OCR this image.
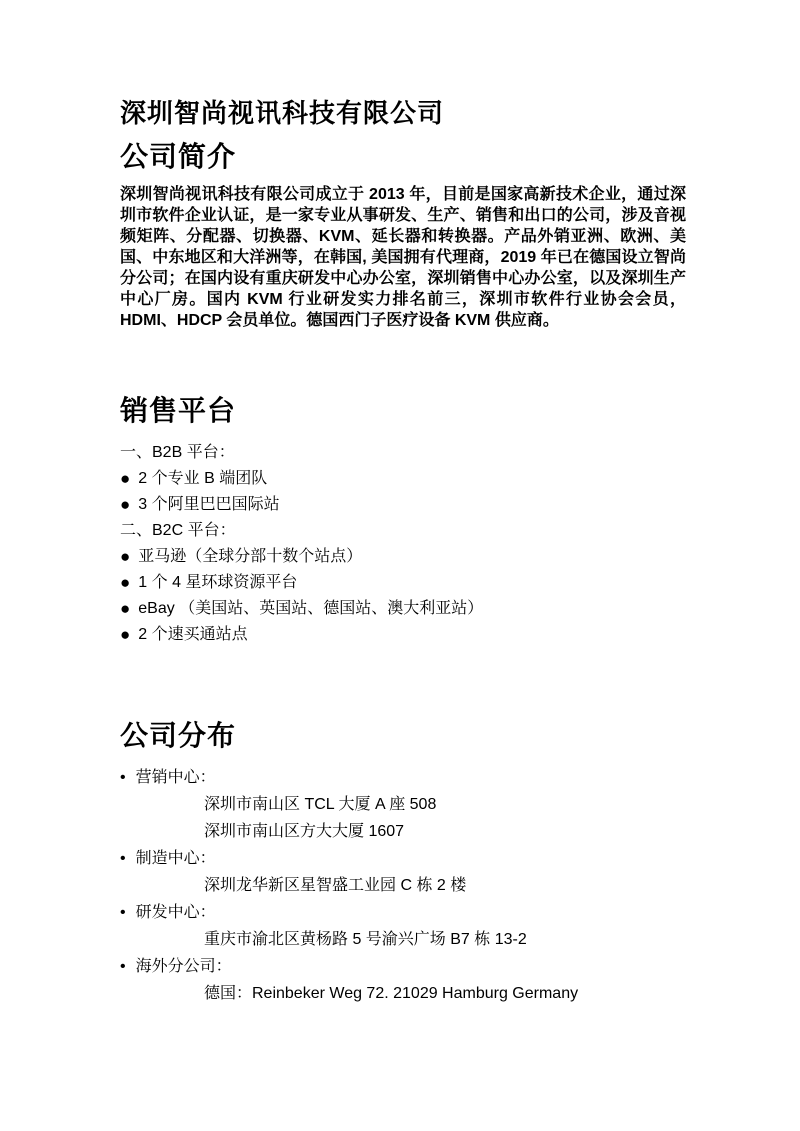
深圳智尚视讯科技有限公司
公司简介

深圳智尚视讯科技有限公司成立于 2013 年，目前是国家高新技术企业，通过深圳市软件企业认证，是一家专业从事研发、生产、销售和出口的公司，涉及音视频矩阵、分配器、切换器、KVM、延长器和转换器。产品外销亚洲、欧洲、美国、中东地区和大洋洲等，在韩国, 美国拥有代理商，2019 年已在德国设立智尚分公司；在国内设有重庆研发中心办公室，深圳销售中心办公室，以及深圳生产中心厂房。国内 KVM 行业研发实力排名前三，深圳市软件行业协会会员，HDMI、HDCP 会员单位。德国西门子医疗设备 KVM 供应商。

销售平台
一、B2B 平台：
● 2 个专业 B 端团队
● 3 个阿里巴巴国际站
二、B2C 平台：
● 亚马逊（全球分部十数个站点）
● 1 个 4 星环球资源平台
● eBay （美国站、英国站、德国站、澳大利亚站）
● 2 个速买通站点
公司分布
• 营销中心：
深圳市南山区 TCL 大厦 A 座 508
深圳市南山区方大大厦 1607
• 制造中心：
深圳龙华新区星智盛工业园 C 栋 2 楼
• 研发中心：
重庆市渝北区黄杨路 5 号渝兴广场 B7 栋 13-2
• 海外分公司：
德国：Reinbeker Weg 72. 21029 Hamburg Germany
